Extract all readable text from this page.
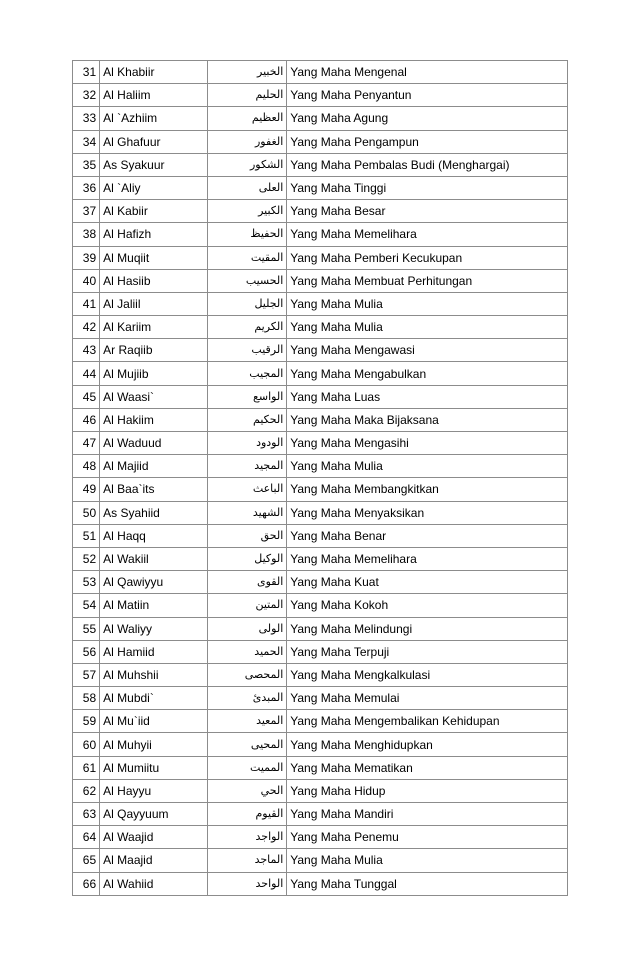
31	Al Khabiir	الخبير	Yang Maha Mengenal
32	Al Haliim	الحليم	Yang Maha Penyantun
33	Al `Azhiim	العظيم	Yang Maha Agung
34	Al Ghafuur	الغفور	Yang Maha Pengampun
35	As Syakuur	الشكور	Yang Maha Pembalas Budi (Menghargai)
36	Al `Aliy	العلى	Yang Maha Tinggi
37	Al Kabiir	الكبير	Yang Maha Besar
38	Al Hafizh	الحفيظ	Yang Maha Memelihara
39	Al Muqiit	المقيت	Yang Maha Pemberi Kecukupan
40	Al Hasiib	الحسيب	Yang Maha Membuat Perhitungan
41	Al Jaliil	الجليل	Yang Maha Mulia
42	Al Kariim	الكريم	Yang Maha Mulia
43	Ar Raqiib	الرقيب	Yang Maha Mengawasi
44	Al Mujiib	المجيب	Yang Maha Mengabulkan
45	Al Waasi`	الواسع	Yang Maha Luas
46	Al Hakiim	الحكيم	Yang Maha Maka Bijaksana
47	Al Waduud	الودود	Yang Maha Mengasihi
48	Al Majiid	المجيد	Yang Maha Mulia
49	Al Baa`its	الباعث	Yang Maha Membangkitkan
50	As Syahiid	الشهيد	Yang Maha Menyaksikan
51	Al Haqq	الحق	Yang Maha Benar
52	Al Wakiil	الوكيل	Yang Maha Memelihara
53	Al Qawiyyu	القوى	Yang Maha Kuat
54	Al Matiin	المتين	Yang Maha Kokoh
55	Al Waliyy	الولى	Yang Maha Melindungi
56	Al Hamiid	الحميد	Yang Maha Terpuji
57	Al Muhshii	المحصى	Yang Maha Mengkalkulasi
58	Al Mubdi`	المبدئ	Yang Maha Memulai
59	Al Mu`iid	المعيد	Yang Maha Mengembalikan Kehidupan
60	Al Muhyii	المحيى	Yang Maha Menghidupkan
61	Al Mumiitu	المميت	Yang Maha Mematikan
62	Al Hayyu	الحي	Yang Maha Hidup
63	Al Qayyuum	القيوم	Yang Maha Mandiri
64	Al Waajid	الواجد	Yang Maha Penemu
65	Al Maajid	الماجد	Yang Maha Mulia
66	Al Wahiid	الواحد	Yang Maha Tunggal
